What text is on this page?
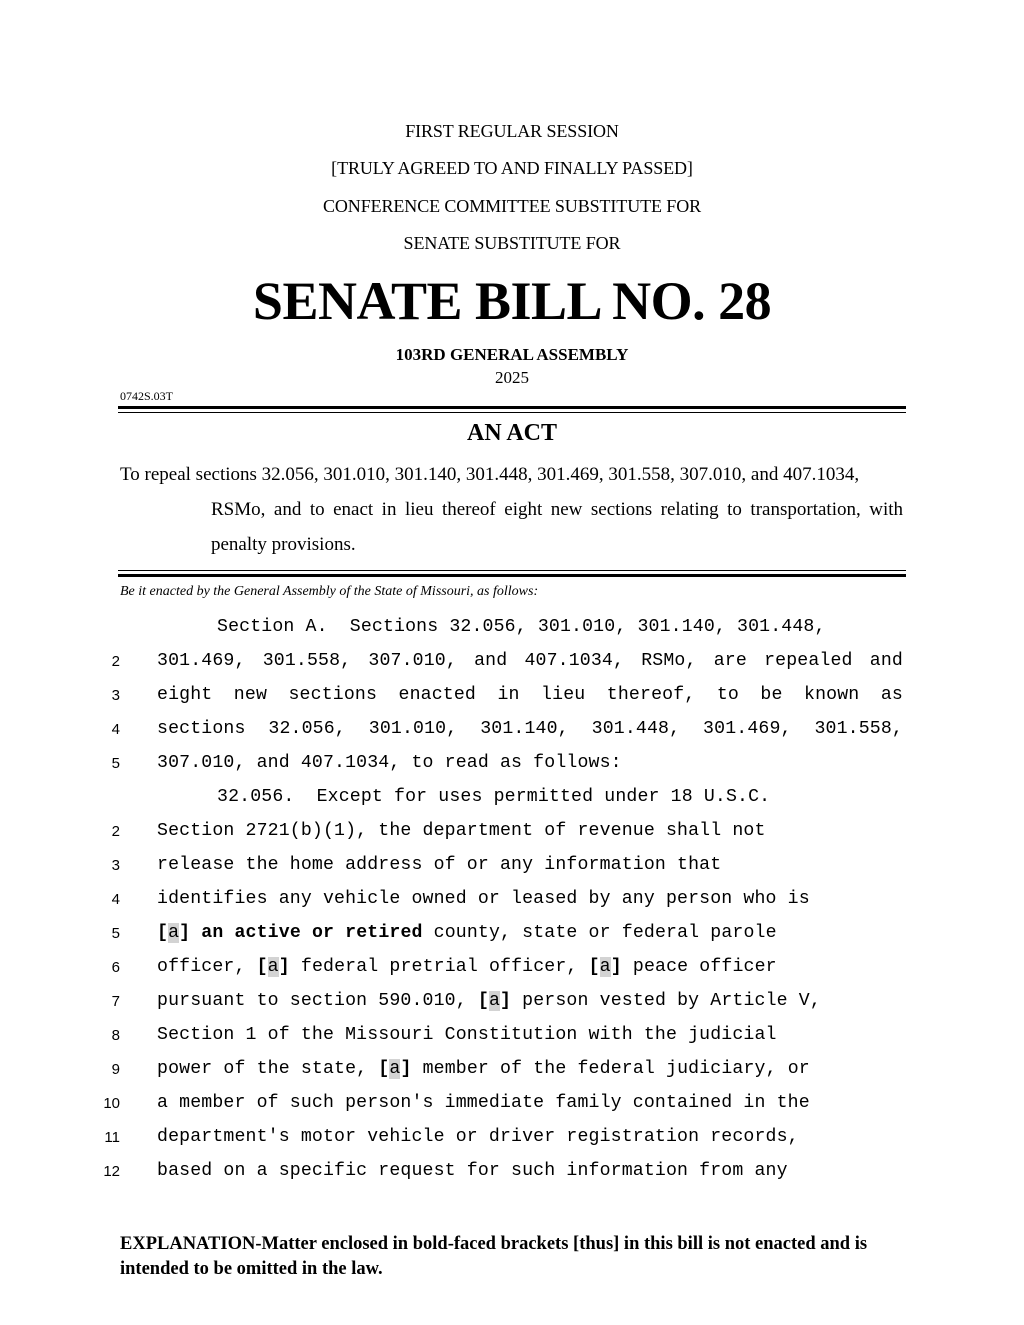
FIRST REGULAR SESSION
[TRULY AGREED TO AND FINALLY PASSED]
CONFERENCE COMMITTEE SUBSTITUTE FOR
SENATE SUBSTITUTE FOR
SENATE BILL NO. 28
103RD GENERAL ASSEMBLY
2025
0742S.03T
AN ACT
To repeal sections 32.056, 301.010, 301.140, 301.448, 301.469, 301.558, 307.010, and 407.1034,
RSMo, and to enact in lieu thereof eight new sections relating to transportation, with
penalty provisions.
Be it enacted by the General Assembly of the State of Missouri, as follows:
Section A.  Sections 32.056, 301.010, 301.140, 301.448,
2 301.469, 301.558, 307.010, and 407.1034, RSMo, are repealed and
3 eight new sections enacted in lieu thereof, to be known as
4 sections 32.056, 301.010, 301.140, 301.448, 301.469, 301.558,
5 307.010, and 407.1034, to read as follows:
32.056.  Except for uses permitted under 18 U.S.C.
2 Section 2721(b)(1), the department of revenue shall not
3 release the home address of or any information that
4 identifies any vehicle owned or leased by any person who is
5 [a] an active or retired county, state or federal parole
6 officer, [a] federal pretrial officer, [a] peace officer
7 pursuant to section 590.010, [a] person vested by Article V,
8 Section 1 of the Missouri Constitution with the judicial
9 power of the state, [a] member of the federal judiciary, or
10 a member of such person's immediate family contained in the
11 department's motor vehicle or driver registration records,
12 based on a specific request for such information from any
EXPLANATION-Matter enclosed in bold-faced brackets [thus] in this bill is not enacted and is intended to be omitted in the law.
